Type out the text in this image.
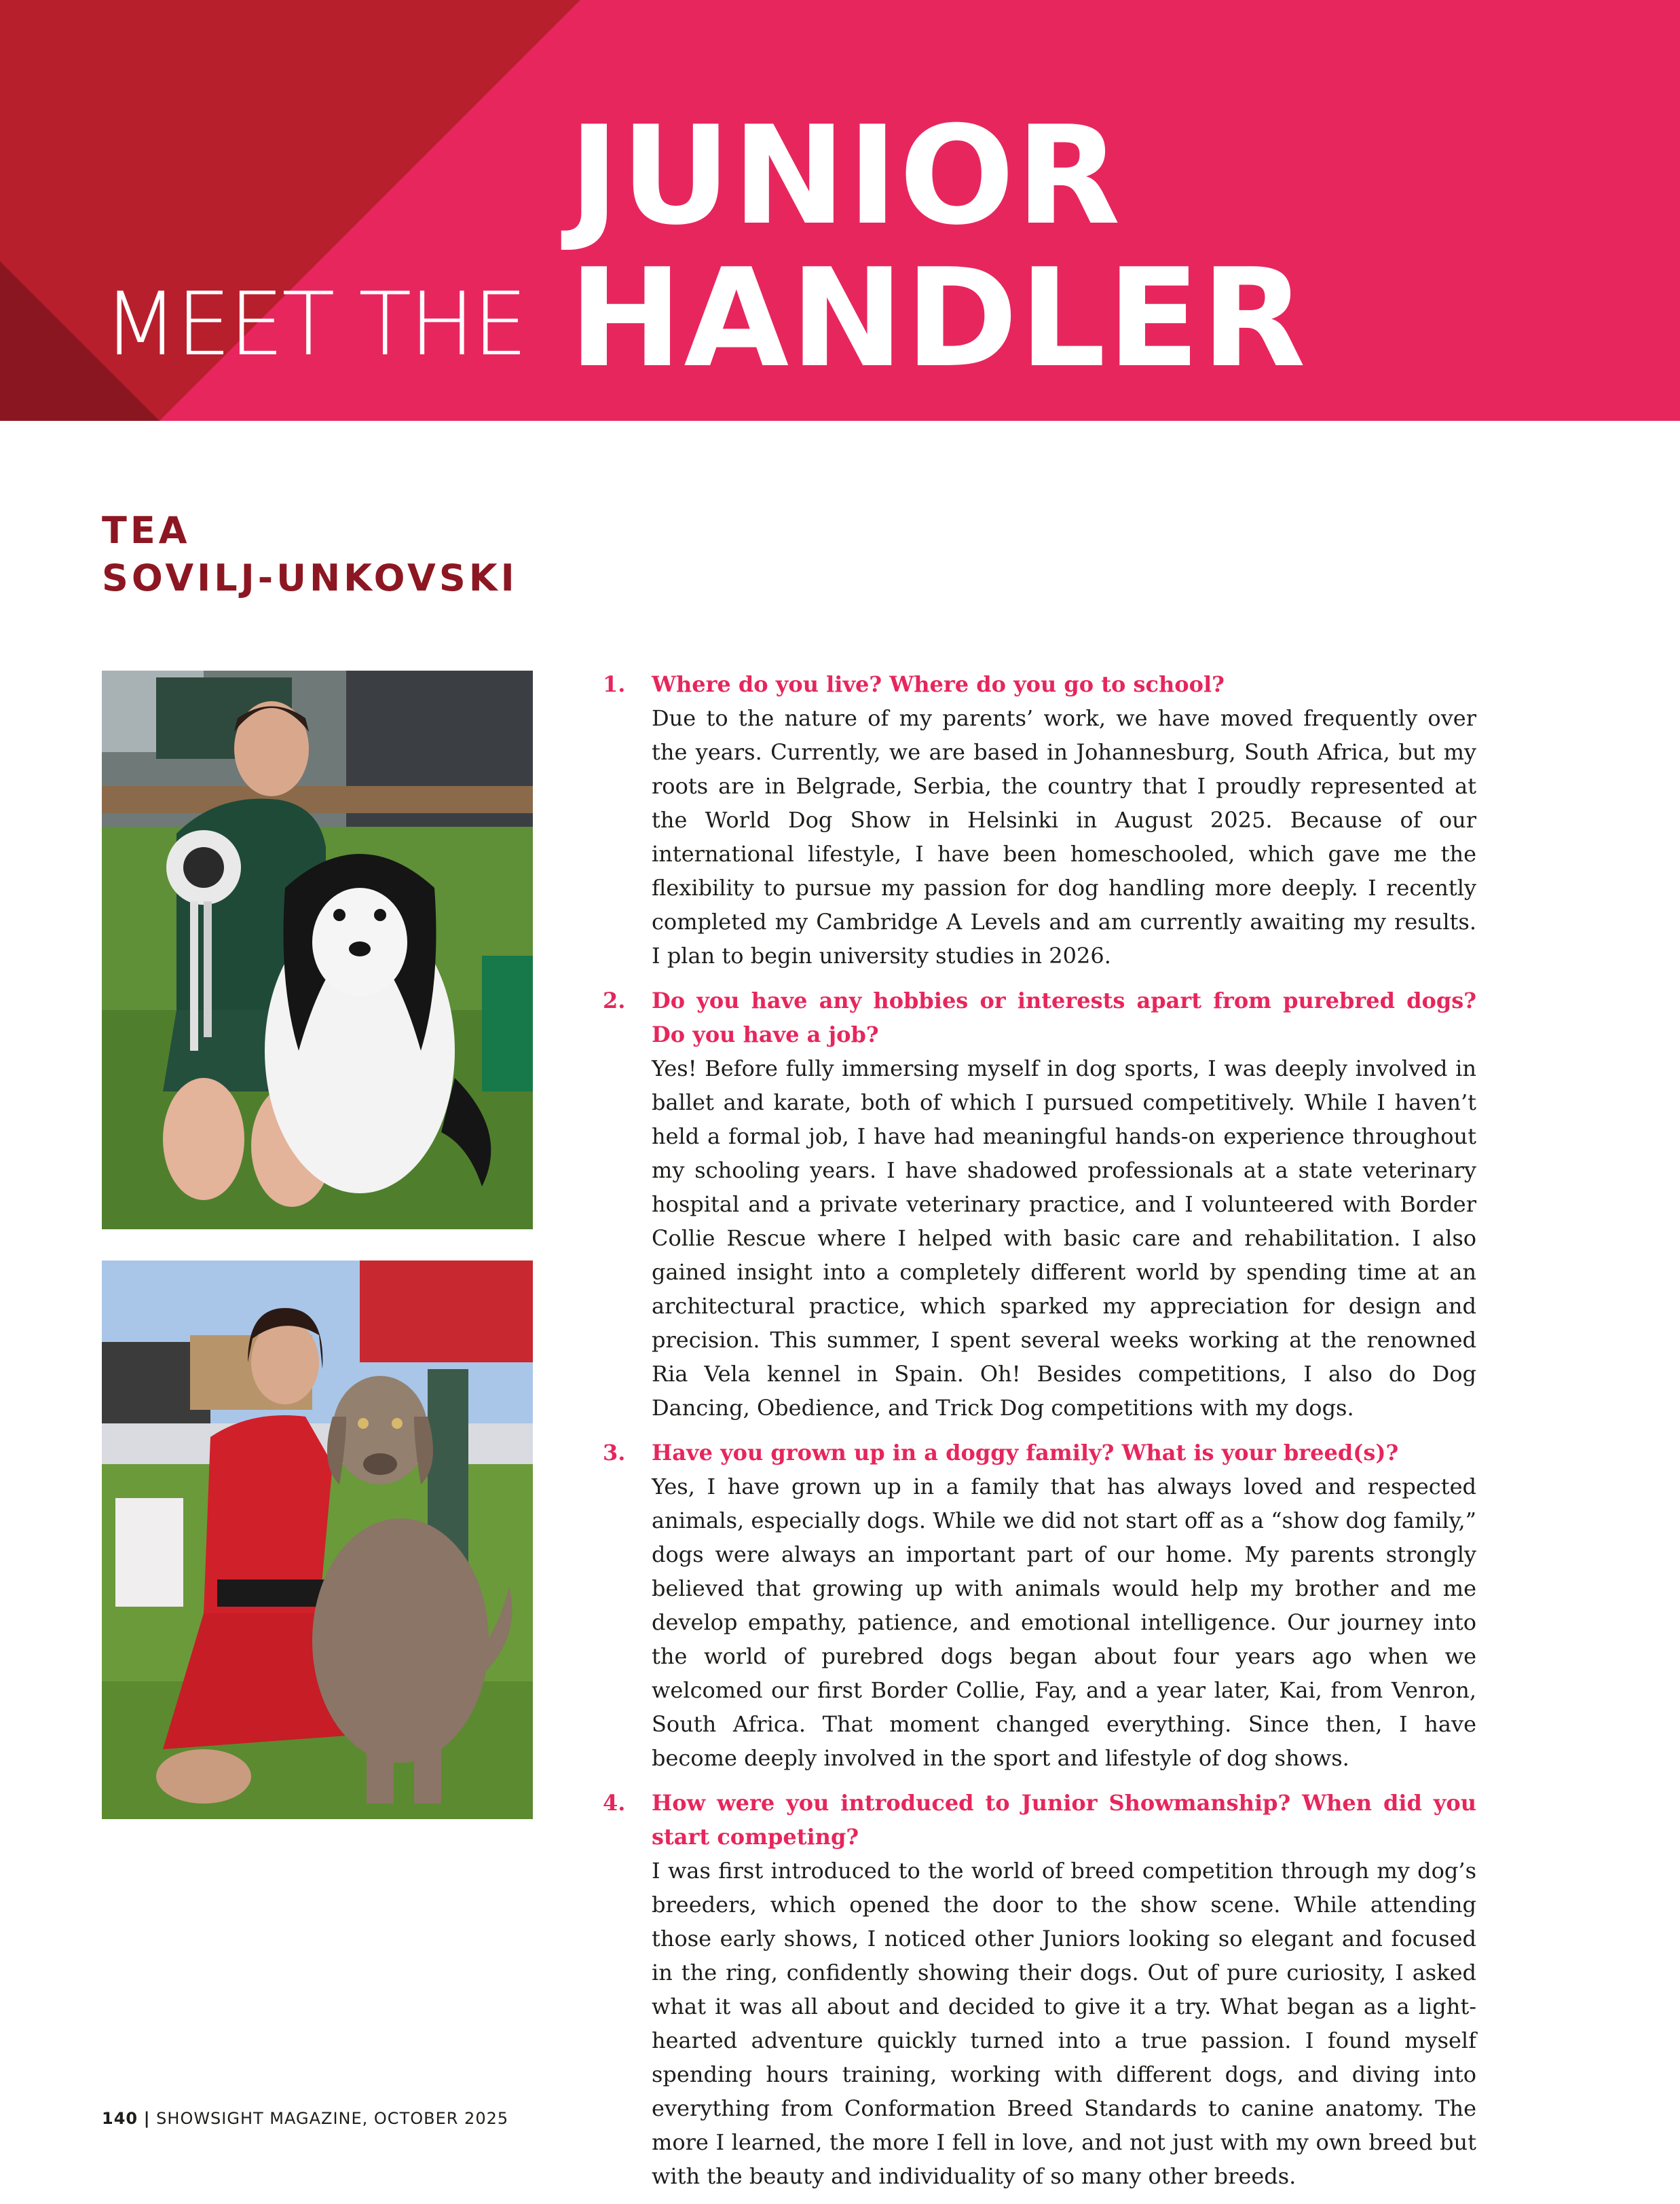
MEET THE
JUNIOR
HANDLER
TEA
SOVILJ-UNKOVSKI
1. Where do you live? Where do you go to school?

Due to the nature of my parents’ work, we have moved frequently over the years. Currently, we are based in Johannesburg, South Africa, but my roots are in Belgrade, Serbia, the country that I proudly represented at the World Dog Show in Helsinki in August 2025. Because of our international lifestyle, I have been homeschooled, which gave me the flexibility to pursue my passion for dog handling more deeply. I recently completed my Cambridge A Levels and am currently awaiting my results. I plan to begin university studies in 2026.

2. Do you have any hobbies or interests apart from purebred dogs? Do you have a job?

Yes! Before fully immersing myself in dog sports, I was deeply involved in ballet and karate, both of which I pursued competitively. While I haven’t held a formal job, I have had meaningful hands-on experience throughout my schooling years. I have shadowed professionals at a state veterinary hospital and a private veterinary practice, and I volunteered with Border Collie Rescue where I helped with basic care and rehabilitation. I also gained insight into a completely different world by spending time at an architectural practice, which sparked my appreciation for design and precision. This summer, I spent several weeks working at the renowned Ria Vela kennel in Spain. Oh! Besides competitions, I also do Dog Dancing, Obedience, and Trick Dog competitions with my dogs.

3. Have you grown up in a doggy family? What is your breed(s)?

Yes, I have grown up in a family that has always loved and respected animals, especially dogs. While we did not start off as a “show dog family,” dogs were always an important part of our home. My parents strongly believed that growing up with animals would help my brother and me develop empathy, patience, and emotional intelligence. Our journey into the world of purebred dogs began about four years ago when we welcomed our first Border Collie, Fay, and a year later, Kai, from Venron, South Africa. That moment changed everything. Since then, I have become deeply involved in the sport and lifestyle of dog shows.

4. How were you introduced to Junior Showmanship? When did you start competing?

I was first introduced to the world of breed competition through my dog’s breeders, which opened the door to the show scene. While attending those early shows, I noticed other Juniors looking so elegant and focused in the ring, confidently showing their dogs. Out of pure curiosity, I asked what it was all about and decided to give it a try. What began as a light-hearted adventure quickly turned into a true passion. I found myself spending hours training, working with different dogs, and diving into everything from Conformation Breed Standards to canine anatomy. The more I learned, the more I fell in love, and not just with my own breed but with the beauty and individuality of so many other breeds.

140 | SHOWSIGHT MAGAZINE, OCTOBER 2025
